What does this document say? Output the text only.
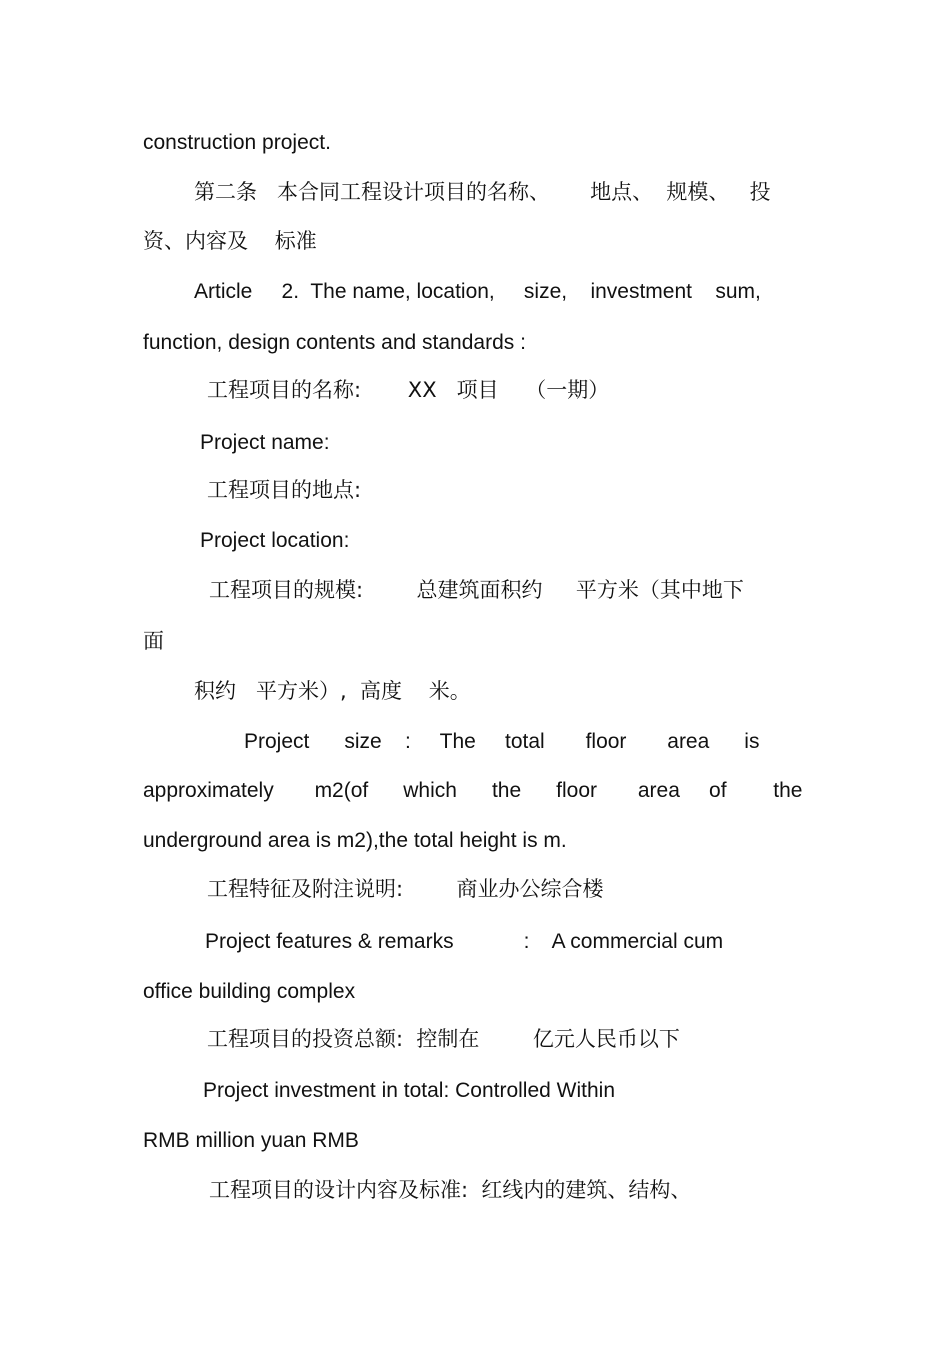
construction project.

第二条   本合同工程设计项目的名称、      地点、  规模、   投

资、内容及    标准

Article     2.  The name, location,     size,    investment    sum,

function, design contents and standards :

工程项目的名称:       XX   项目    （一期）

Project name:

工程项目的地点:

Project location:

工程项目的规模:        总建筑面积约     平方米（其中地下

面

积约   平方米）,  高度    米。

Project      size    :     The     total       floor       area      is

approximately       m2(of      which      the      floor       area     of        the

underground area is m2),the total height is m.

工程特征及附注说明:        商业办公综合楼

Project features & remarks            :    A commercial cum

office building complex

工程项目的投资总额:  控制在        亿元人民币以下

Project investment in total: Controlled Within

RMB million yuan RMB

工程项目的设计内容及标准:  红线内的建筑、结构、
